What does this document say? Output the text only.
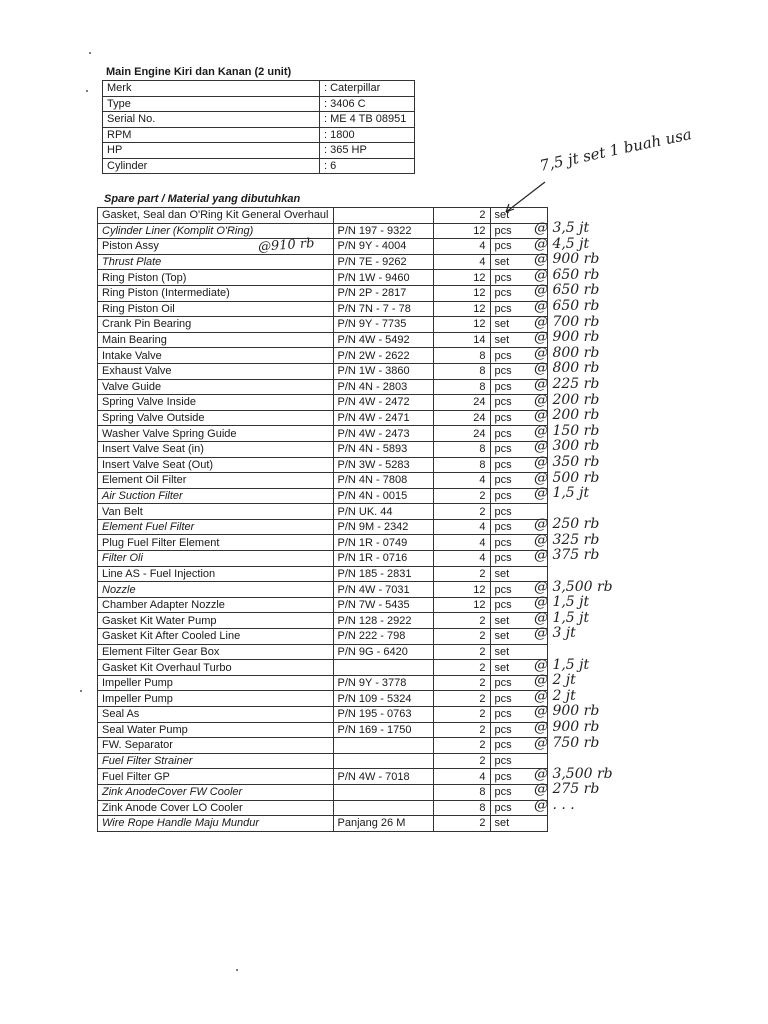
Main Engine Kiri dan Kanan (2 unit)
Merk	: Caterpillar
Type	: 3406 C
Serial No.	: ME 4 TB 08951
RPM	: 1800
HP	: 365 HP
Cylinder	: 6
Spare part / Material yang dibutuhkan
Gasket, Seal dan O'Ring Kit General Overhaul		2	set
Cylinder Liner (Komplit O'Ring)	P/N 197 - 9322	12	pcs
Piston Assy	P/N 9Y - 4004	4	pcs
Thrust Plate	P/N 7E - 9262	4	set
Ring Piston (Top)	P/N 1W - 9460	12	pcs
Ring Piston (Intermediate)	P/N 2P - 2817	12	pcs
Ring Piston Oil	P/N 7N - 7 - 78	12	pcs
Crank Pin Bearing	P/N 9Y - 7735	12	set
Main Bearing	P/N 4W - 5492	14	set
Intake Valve	P/N 2W - 2622	8	pcs
Exhaust Valve	P/N 1W - 3860	8	pcs
Valve Guide	P/N 4N - 2803	8	pcs
Spring Valve Inside	P/N 4W - 2472	24	pcs
Spring Valve Outside	P/N 4W - 2471	24	pcs
Washer Valve Spring Guide	P/N 4W - 2473	24	pcs
Insert Valve Seat (in)	P/N 4N - 5893	8	pcs
Insert Valve Seat (Out)	P/N 3W - 5283	8	pcs
Element Oil Filter	P/N 4N - 7808	4	pcs
Air Suction Filter	P/N 4N - 0015	2	pcs
Van Belt	P/N UK. 44	2	pcs
Element Fuel Filter	P/N 9M - 2342	4	pcs
Plug Fuel Filter Element	P/N 1R - 0749	4	pcs
Filter Oli	P/N 1R - 0716	4	pcs
Line AS - Fuel Injection	P/N 185 - 2831	2	set
Nozzle	P/N 4W - 7031	12	pcs
Chamber Adapter Nozzle	P/N 7W - 5435	12	pcs
Gasket Kit Water Pump	P/N 128 - 2922	2	set
Gasket Kit After Cooled Line	P/N 222 - 798	2	set
Element Filter Gear Box	P/N 9G - 6420	2	set
Gasket Kit Overhaul Turbo		2	set
Impeller Pump	P/N 9Y - 3778	2	pcs
Impeller Pump	P/N 109 - 5324	2	pcs
Seal As	P/N 195 - 0763	2	pcs
Seal Water Pump	P/N 169 - 1750	2	pcs
FW. Separator		2	pcs
Fuel Filter Strainer		2	pcs
Fuel Filter GP	P/N 4W - 7018	4	pcs
Zink AnodeCover FW Cooler		8	pcs
Zink Anode Cover LO Cooler		8	pcs
Wire Rope Handle Maju Mundur	Panjang 26 M	2	set
7,5 jt set 1 buah usa
@910 rb
@ 3,5 jt
@ 4,5 jt
@ 900 rb
@ 650 rb
@ 650 rb
@ 650 rb
@ 700 rb
@ 900 rb
@ 800 rb
@ 800 rb
@ 225 rb
@ 200 rb
@ 200 rb
@ 150 rb
@ 300 rb
@ 350 rb
@ 500 rb
@ 1,5 jt
@ 250 rb
@ 325 rb
@ 375 rb
@ 3,500 rb
@ 1,5 jt
@ 1,5 jt
@ 3 jt
@ 1,5 jt
@ 2 jt
@ 2 jt
@ 900 rb
@ 900 rb
@ 750 rb
@ 3,500 rb
@ 275 rb
@ . . .
